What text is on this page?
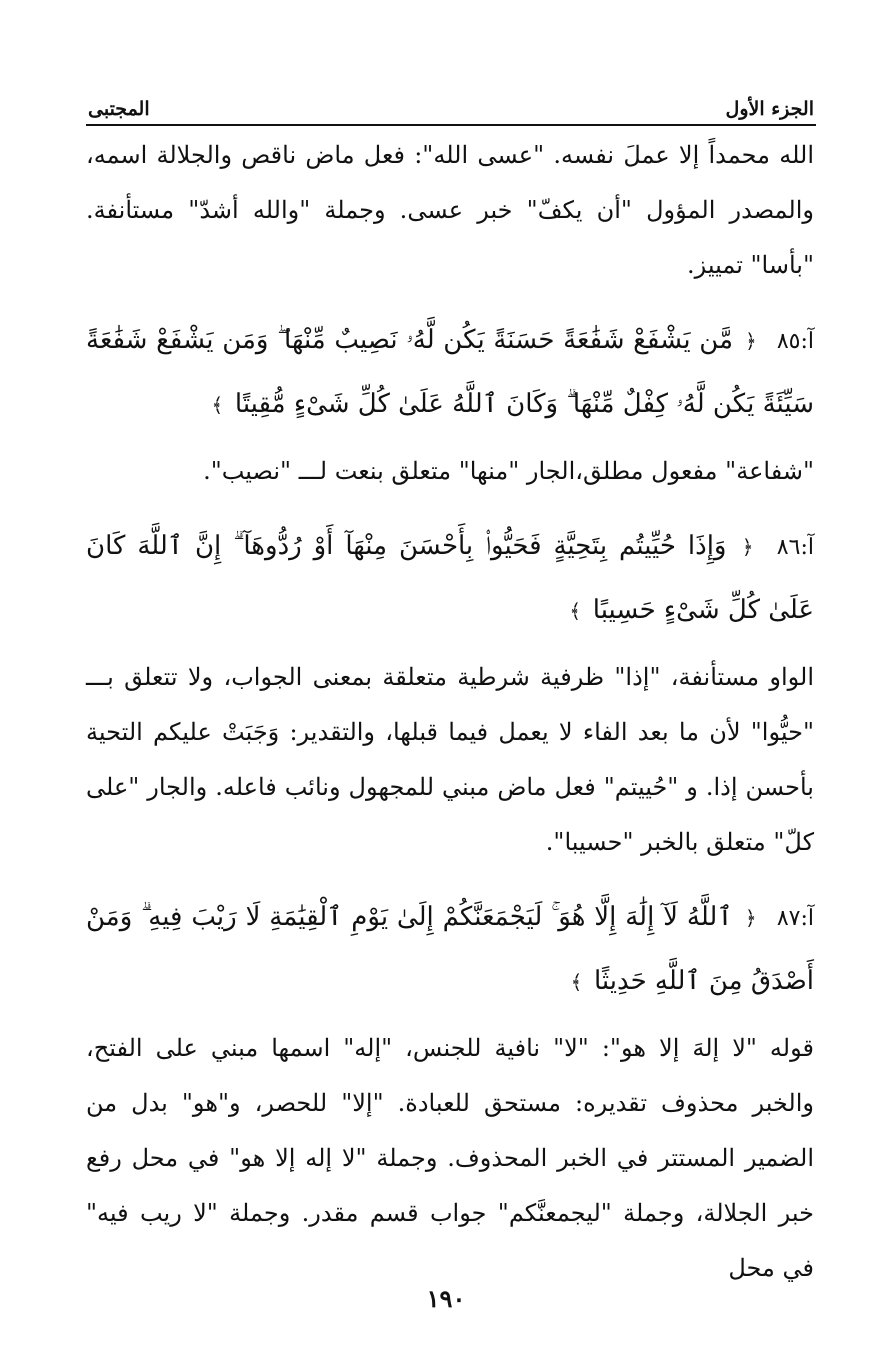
الجزء الأول
المجتبى

الله محمداً إلا عملَ نفسه. "عسى الله": فعل ماض ناقص والجلالة اسمه، والمصدر المؤول "أن يكفّ" خبر عسى. وجملة "والله أشدّ" مستأنفة. "بأسا" تمييز.

آ:٨٥ ﴿ مَّن يَشْفَعْ شَفَٰعَةً حَسَنَةً يَكُن لَّهُۥ نَصِيبٌ مِّنْهَا ۖ وَمَن يَشْفَعْ شَفَٰعَةً سَيِّئَةً يَكُن لَّهُۥ كِفْلٌ مِّنْهَا ۗ وَكَانَ ٱللَّهُ عَلَىٰ كُلِّ شَىْءٍ مُّقِيتًا ﴾

"شفاعة" مفعول مطلق،الجار "منها" متعلق بنعت لـــ "نصيب".

آ:٨٦ ﴿ وَإِذَا حُيِّيتُم بِتَحِيَّةٍ فَحَيُّوا۟ بِأَحْسَنَ مِنْهَآ أَوْ رُدُّوهَآ ۗ إِنَّ ٱللَّهَ كَانَ عَلَىٰ كُلِّ شَىْءٍ حَسِيبًا ﴾

الواو مستأنفة، "إذا" ظرفية شرطية متعلقة بمعنى الجواب، ولا تتعلق بـــ "حيُّوا" لأن ما بعد الفاء لا يعمل فيما قبلها، والتقدير: وَجَبَتْ عليكم التحية بأحسن إذا. و "حُييتم" فعل ماض مبني للمجهول ونائب فاعله. والجار "على كلّ" متعلق بالخبر "حسيبا".

آ:٨٧ ﴿ ٱللَّهُ لَآ إِلَٰهَ إِلَّا هُوَ ۚ لَيَجْمَعَنَّكُمْ إِلَىٰ يَوْمِ ٱلْقِيَٰمَةِ لَا رَيْبَ فِيهِ ۗ وَمَنْ أَصْدَقُ مِنَ ٱللَّهِ حَدِيثًا ﴾

قوله "لا إلهَ إلا هو": "لا" نافية للجنس، "إله" اسمها مبني على الفتح، والخبر محذوف تقديره: مستحق للعبادة. "إلا" للحصر، و"هو" بدل من الضمير المستتر في الخبر المحذوف. وجملة "لا إله إلا هو" في محل رفع خبر الجلالة، وجملة "ليجمعنَّكم" جواب قسم مقدر. وجملة "لا ريب فيه" في محل

١٩٠
